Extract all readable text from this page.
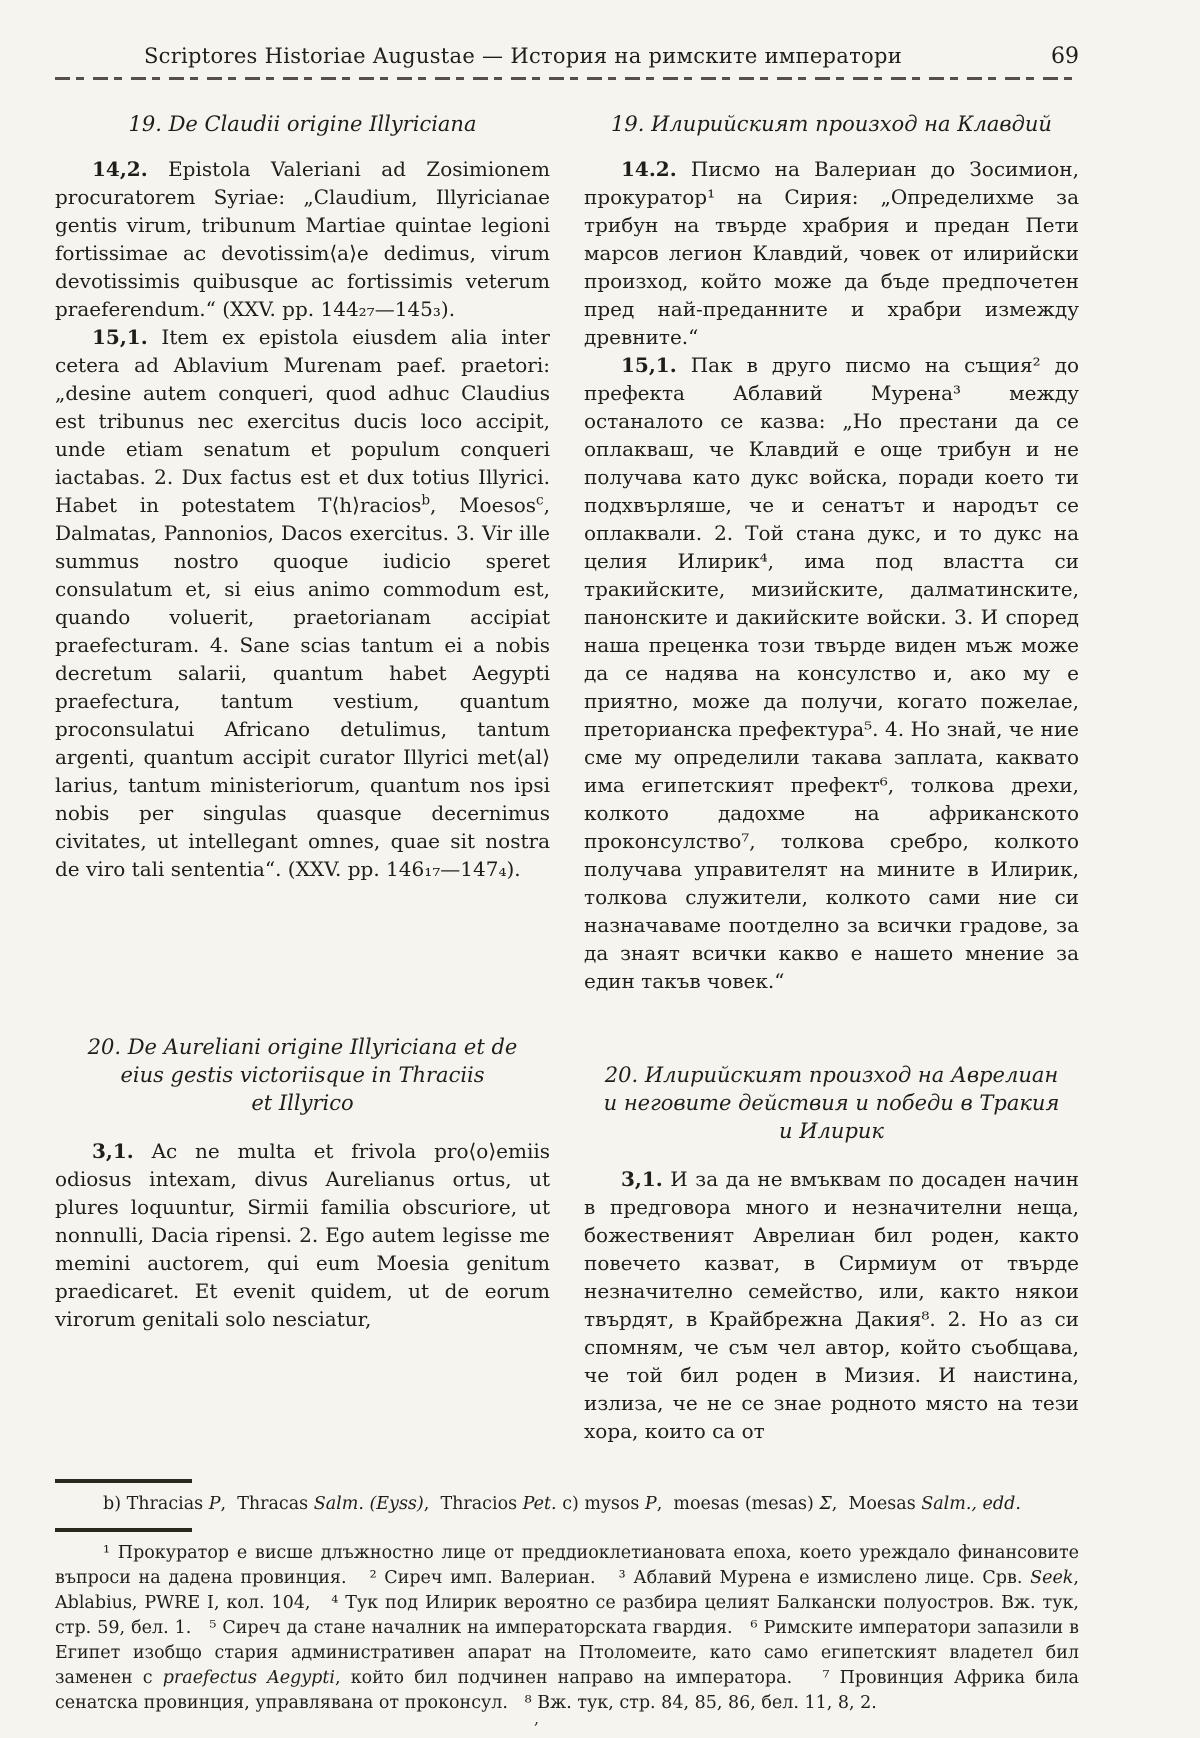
Scriptores Historiae Augustae — История на римските императори	69
19. De Claudii origine Illyriciana

14,2. Epistola Valeriani ad Zosimionem procuratorem Syriae: „Claudium, Illyricianae gentis virum, tribunum Martiae quintae legioni fortissimae ac devotissim⟨a⟩e dedimus, virum devotissimis quibusque ac fortissimis veterum praeferendum.“ (XXV. pp. 144₂₇—145₃).

15,1. Item ex epistola eiusdem alia inter cetera ad Ablavium Murenam paef. praetori: „desine autem conqueri, quod adhuc Claudius est tribunus nec exercitus ducis loco accipit, unde etiam senatum et populum conqueri iactabas. 2. Dux factus est et dux totius Illyrici. Habet in potestatem T⟨h⟩racios$^b$, Moesos$^c$, Dalmatas, Pannonios, Dacos exercitus. 3. Vir ille summus nostro quoque iudicio speret consulatum et, si eius animo commodum est, quando voluerit, praetorianam accipiat praefecturam. 4. Sane scias tantum ei a nobis decretum salarii, quantum habet Aegypti praefectura, tantum vestium, quantum proconsulatui Africano detulimus, tantum argenti, quantum accipit curator Illyrici met⟨al⟩larius, tantum ministeriorum, quantum nos ipsi nobis per singulas quasque decernimus civitates, ut intellegant omnes, quae sit nostra de viro tali sententia“. (XXV. pp. 146₁₇—147₄).

20. De Aureliani origine Illyriciana et de
eius gestis victoriisque in Thraciis
et Illyrico

3,1. Ac ne multa et frivola pro⟨o⟩emiis odiosus intexam, divus Aurelianus ortus, ut plures loquuntur, Sirmii familia obscuriore, ut nonnulli, Dacia ripensi. 2. Ego autem legisse me memini auctorem, qui eum Moesia genitum praedicaret. Et evenit quidem, ut de eorum virorum genitali solo nesciatur,

19. Илирийският произход на Клавдий

14.2. Писмо на Валериан до Зосимион, прокуратор¹ на Сирия: „Определихме за трибун на твърде храбрия и предан Пети марсов легион Клавдий, човек от илирийски произход, който може да бъде предпочетен пред най-преданните и храбри измежду древните.“

15,1. Пак в друго писмо на същия² до префекта Аблавий Мурена³ между останалото се казва: „Но престани да се оплакваш, че Клавдий е още трибун и не получава като дукс войска, поради което ти подхвърляше, че и сенатът и народът се оплаквали. 2. Той стана дукс, и то дукс на целия Илирик⁴, има под властта си тракийските, мизийските, далматинските, панонските и дакийските войски. 3. И според наша преценка този твърде виден мъж може да се надява на консулство и, ако му е приятно, може да получи, когато пожелае, преторианска префектура⁵. 4. Но знай, че ние сме му определили такава заплата, каквато има египетският префект⁶, толкова дрехи, колкото дадохме на африканското проконсулство⁷, толкова сребро, колкото получава управителят на мините в Илирик, толкова служители, колкото сами ние си назначаваме поотделно за всички градове, за да знаят всички какво е нашето мнение за един такъв човек.“

20. Илирийският произход на Аврелиан
и неговите действия и победи в Тракия
и Илирик

3,1. И за да не вмъквам по досаден начин в предговора много и незначителни неща, божественият Аврелиан бил роден, както повечето казват, в Сирмиум от твърде незначително семейство, или, както някои твърдят, в Крайбрежна Дакия⁸. 2. Но аз си спомням, че съм чел автор, който съобщава, че той бил роден в Мизия. И наистина, излиза, че не се знае родното място на тези хора, които са от

b) Thracias P,  Thracas Salm. (Eyss),  Thracios Pet. c) mysos P,  moesas (mesas) Σ,  Moesas Salm., edd.

¹ Прокуратор е висше длъжностно лице от преддиоклетиановата епоха, което уреждало финансовите въпроси на дадена провинция.   ² Сиреч имп. Валериан.   ³ Аблавий Мурена е измислено лице. Срв. Seek, Ablabius, PWRE I, кол. 104,   ⁴ Тук под Илирик вероятно се разбира целият Балкански полуостров. Вж. тук, стр. 59, бел. 1.   ⁵ Сиреч да стане началник на императорската гвардия.   ⁶ Римските императори запазили в Египет изобщо стария административен апарат на Птоломеите, като само египетският владетел бил заменен с praefectus Aegypti, който бил подчинен направо на императора.   ⁷ Провинция Африка била сенатска провинция, управлявана от проконсул.   ⁸ Вж. тук, стр. 84, 85, 86, бел. 11, 8, 2.

,
